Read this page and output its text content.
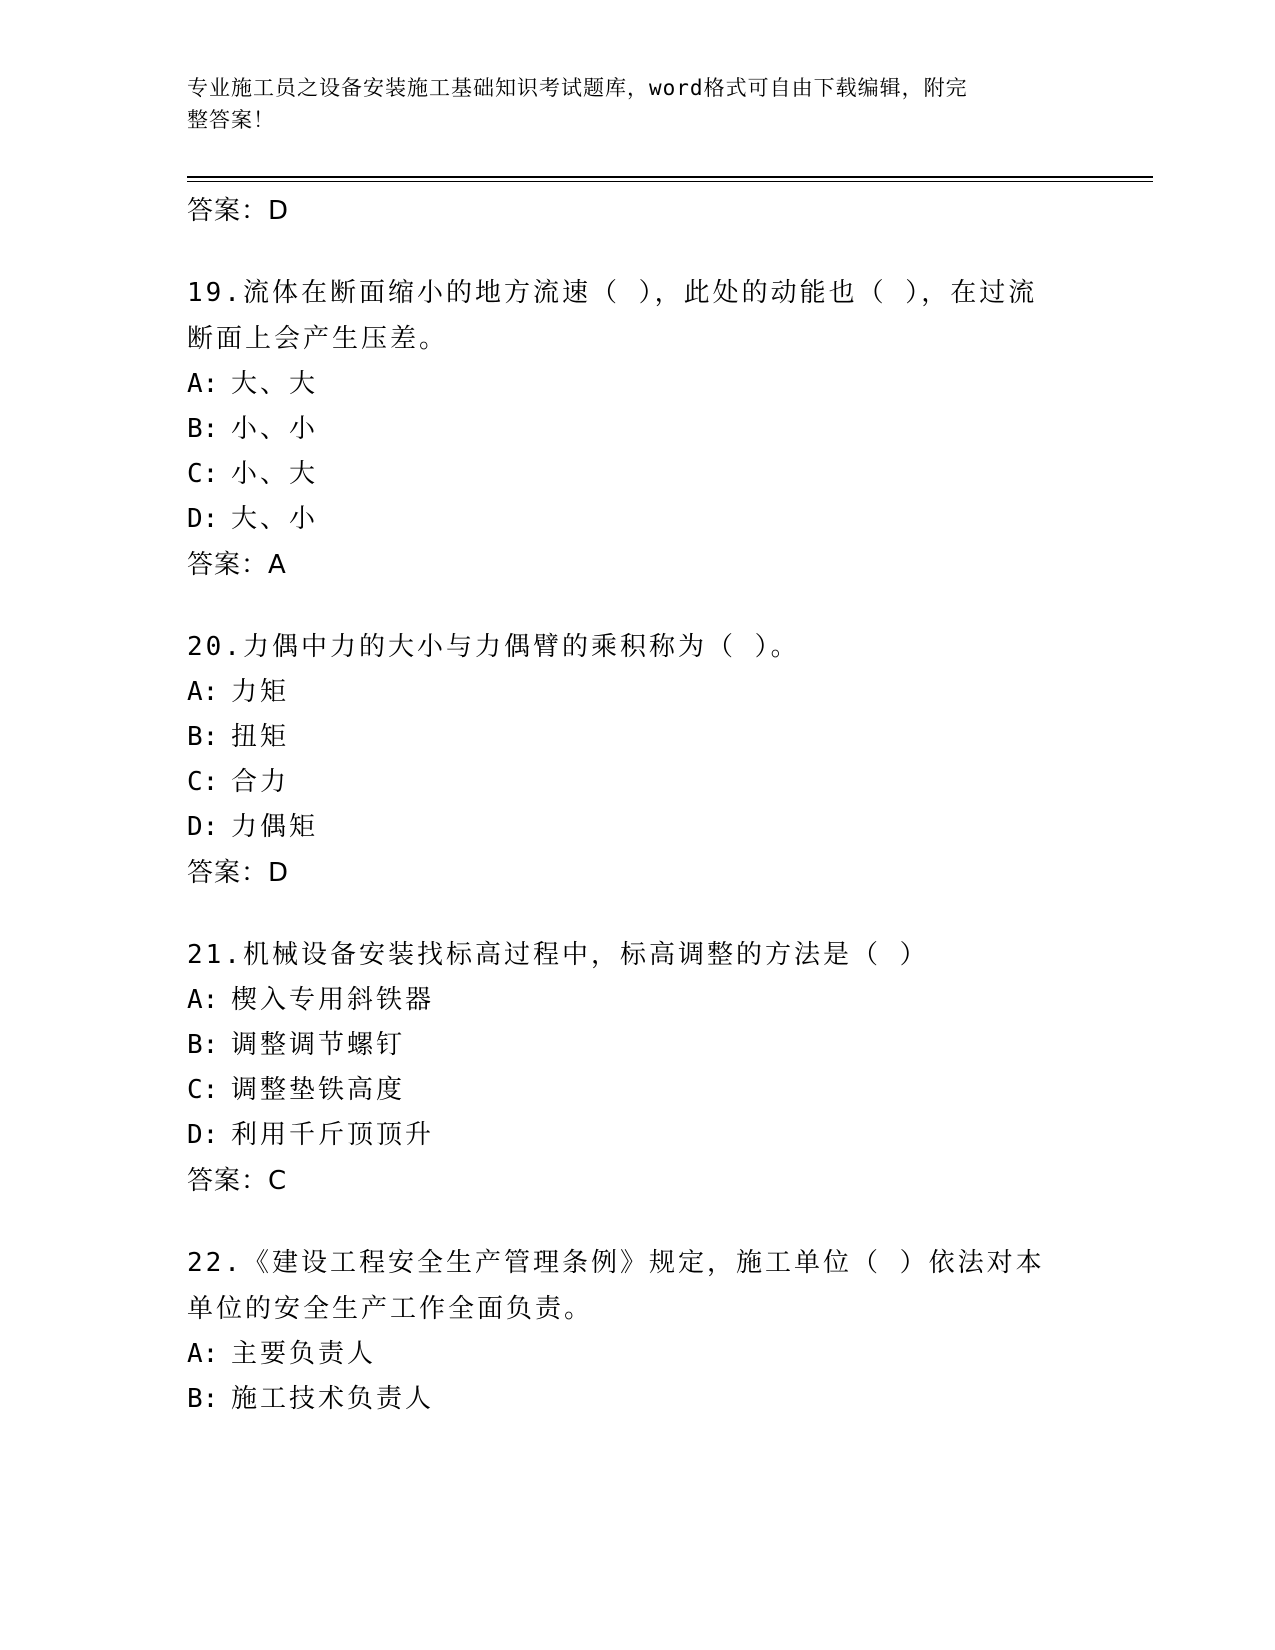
专业施工员之设备安装施工基础知识考试题库，word格式可自由下载编辑，附完
整答案！
答案：D
19.流体在断面缩小的地方流速（ ），此处的动能也（ ），在过流断面上会产生压差。
A: 大、大
B: 小、小
C: 小、大
D: 大、小
答案：A
20.力偶中力的大小与力偶臂的乘积称为（ ）。
A: 力矩
B: 扭矩
C: 合力
D: 力偶矩
答案：D
21.机械设备安装找标高过程中，标高调整的方法是（ ）
A: 楔入专用斜铁器
B: 调整调节螺钉
C: 调整垫铁高度
D: 利用千斤顶顶升
答案：C
22.《建设工程安全生产管理条例》规定，施工单位（ ）依法对本单位的安全生产工作全面负责。
A: 主要负责人
B: 施工技术负责人
